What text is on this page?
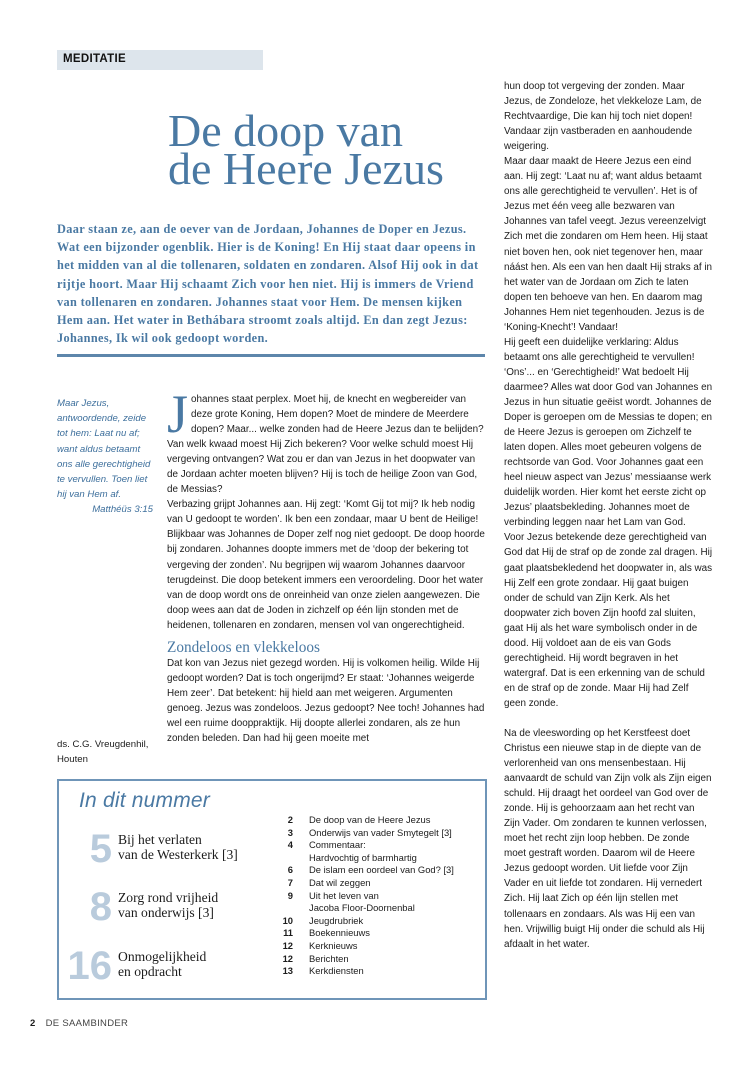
MEDITATIE
De doop van
de Heere Jezus

Daar staan ze, aan de oever van de Jordaan, Johannes de Doper en Jezus. Wat een bijzonder ogenblik. Hier is de Koning! En Hij staat daar opeens in het midden van al die tollenaren, soldaten en zondaren. Alsof Hij ook in dat rijtje hoort. Maar Hij schaamt Zich voor hen niet. Hij is immers de Vriend van tollenaren en zondaren. Johannes staat voor Hem. De mensen kijken Hem aan. Het water in Bethábara stroomt zoals altijd. En dan zegt Jezus: Johannes, Ik wil ook gedoopt worden.

Maar Jezus, antwoordende, zeide tot hem: Laat nu af; want aldus betaamt ons alle gerechtigheid te vervullen. Toen liet hij van Hem af.
Matthéüs 3:15

ds. C.G. Vreugdenhil,
Houten

Johannes staat perplex. Moet hij, de knecht en wegbereider van deze grote Koning, Hem dopen? Moet de mindere de Meerdere dopen? Maar... welke zonden had de Heere Jezus dan te belijden? Van welk kwaad moest Hij Zich bekeren? Voor welke schuld moest Hij vergeving ontvangen? Wat zou er dan van Jezus in het doopwater van de Jordaan achter moeten blijven? Hij is toch de heilige Zoon van God, de Messias?

Verbazing grijpt Johannes aan. Hij zegt: ‘Komt Gij tot mij? Ik heb nodig van U gedoopt te worden’. Ik ben een zondaar, maar U bent de Heilige! Blijkbaar was Johannes de Doper zelf nog niet gedoopt. De doop hoorde bij zondaren. Johannes doopte immers met de ‘doop der bekering tot vergeving der zonden’. Nu begrijpen wij waarom Johannes daarvoor terugdeinst. Die doop betekent immers een veroordeling. Door het water van de doop wordt ons de onreinheid van onze zielen aangewezen. Die doop wees aan dat de Joden in zichzelf op één lijn stonden met de heidenen, tollenaren en zondaren, mensen vol van ongerechtigheid.

Zondeloos en vlekkeloos

Dat kon van Jezus niet gezegd worden. Hij is volkomen heilig. Wilde Hij gedoopt worden? Dat is toch ongerijmd? Er staat: ‘Johannes weigerde Hem zeer’. Dat betekent: hij hield aan met weigeren. Argumenten genoeg. Jezus was zondeloos. Jezus gedoopt? Nee toch! Johannes had wel een ruime dooppraktijk. Hij doopte allerlei zondaren, als ze hun zonden beleden. Dan had hij geen moeite met

hun doop tot vergeving der zonden. Maar Jezus, de Zondeloze, het vlekkeloze Lam, de Rechtvaardige, Die kan hij toch niet dopen! Vandaar zijn vastberaden en aanhoudende weigering.

Maar daar maakt de Heere Jezus een eind aan. Hij zegt: ‘Laat nu af; want aldus betaamt ons alle gerechtigheid te vervullen’. Het is of Jezus met één veeg alle bezwaren van Johannes van tafel veegt. Jezus vereenzelvigt Zich met die zondaren om Hem heen. Hij staat niet boven hen, ook niet tegenover hen, maar náást hen. Als een van hen daalt Hij straks af in het water van de Jordaan om Zich te laten dopen ten behoeve van hen. En daarom mag Johannes Hem niet tegenhouden. Jezus is de ‘Koning-Knecht’! Vandaar!

Hij geeft een duidelijke verklaring: Aldus betaamt ons alle gerechtigheid te vervullen! ‘Ons’... en ‘Gerechtigheid!’ Wat bedoelt Hij daarmee? Alles wat door God van Johannes en Jezus in hun situatie geëist wordt. Johannes de Doper is geroepen om de Messias te dopen; en de Heere Jezus is geroepen om Zichzelf te laten dopen. Alles moet gebeuren volgens de rechtsorde van God. Voor Johannes gaat een heel nieuw aspect van Jezus’ messiaanse werk duidelijk worden. Hier komt het eerste zicht op Jezus’ plaatsbekleding. Johannes moet de verbinding leggen naar het Lam van God.

Voor Jezus betekende deze gerechtigheid van God dat Hij de straf op de zonde zal dragen. Hij gaat plaatsbekledend het doopwater in, als was Hij Zelf een grote zondaar. Hij gaat buigen onder de schuld van Zijn Kerk. Als het doopwater zich boven Zijn hoofd zal sluiten, gaat Hij als het ware symbolisch onder in de dood. Hij voldoet aan de eis van Gods gerechtigheid. Hij wordt begraven in het watergraf. Dat is een erkenning van de schuld en de straf op de zonde. Maar Hij had Zelf geen zonde.

Na de vleeswording op het Kerstfeest doet Christus een nieuwe stap in de diepte van de verlorenheid van ons mensenbestaan. Hij aanvaardt de schuld van Zijn volk als Zijn eigen schuld. Hij draagt het oordeel van God over de zonde. Hij is gehoorzaam aan het recht van Zijn Vader. Om zondaren te kunnen verlossen, moet het recht zijn loop hebben. De zonde moet gestraft worden. Daarom wil de Heere Jezus gedoopt worden. Uit liefde voor Zijn Vader en uit liefde tot zondaren. Hij vernedert Zich. Hij laat Zich op één lijn stellen met tollenaars en zondaars. Als was Hij een van hen. Vrijwillig buigt Hij onder die schuld als Hij afdaalt in het water.

In dit nummer
5 Bij het verlaten
van de Westerkerk [3]
8 Zorg rond vrijheid
van onderwijs [3]
16 Onmogelijkheid
en opdracht
2 De doop van de Heere Jezus
3 Onderwijs van vader Smytegelt [3]
4 Commentaar:
Hardvochtig of barmhartig
6 De islam een oordeel van God? [3]
7 Dat wil zeggen
9 Uit het leven van
Jacoba Floor-Doornenbal
10 Jeugdrubriek
11 Boekennieuws
12 Kerknieuws
12 Berichten
13 Kerkdiensten
2 DE SAAMBINDER
